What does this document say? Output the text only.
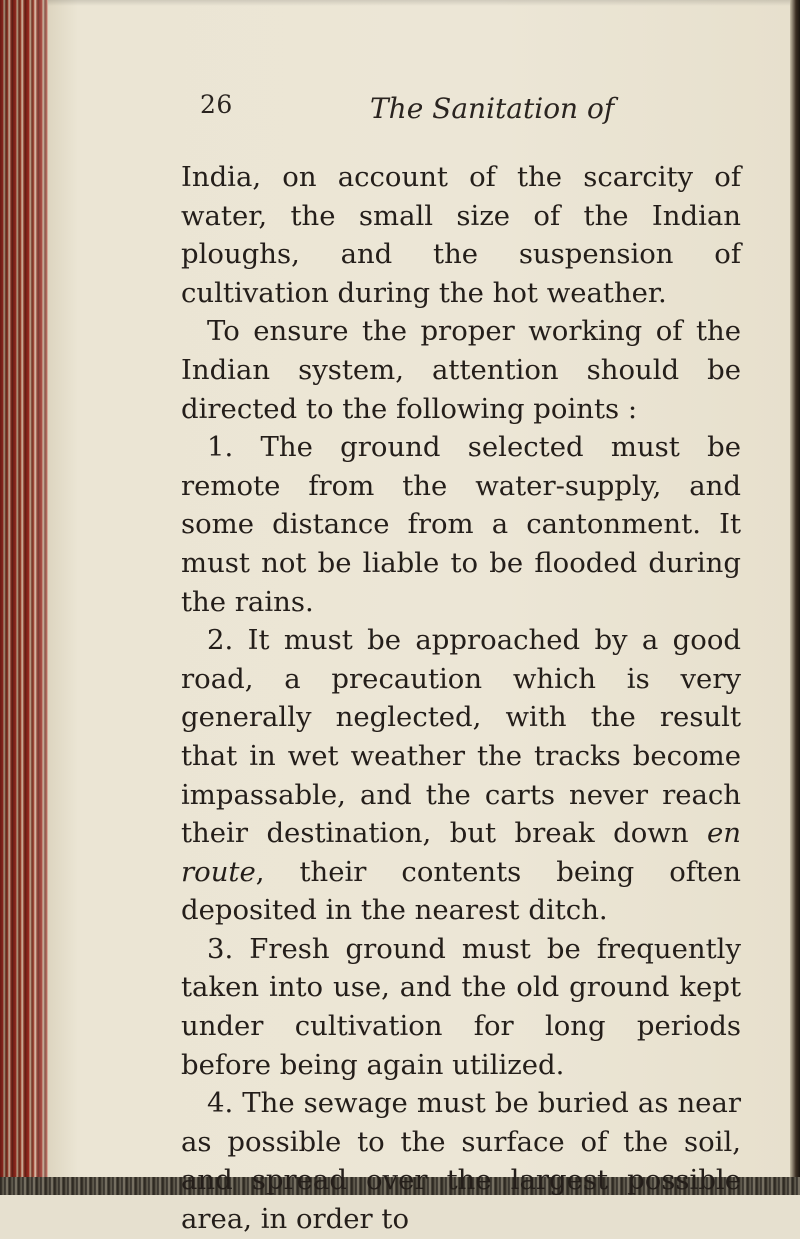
26	The Sanitation of

India, on account of the scarcity of water, the small size of the Indian ploughs, and the suspension of cultivation during the hot weather.

To ensure the proper working of the Indian system, attention should be directed to the following points :

1. The ground selected must be remote from the water-supply, and some distance from a cantonment. It must not be liable to be flooded during the rains.

2. It must be approached by a good road, a precaution which is very generally neglected, with the result that in wet weather the tracks become impassable, and the carts never reach their destination, but break down en route, their contents being often deposited in the nearest ditch.

3. Fresh ground must be frequently taken into use, and the old ground kept under cultivation for long periods before being again utilized.

4. The sewage must be buried as near as possible to the surface of the soil, and spread over the largest possible area, in order to
